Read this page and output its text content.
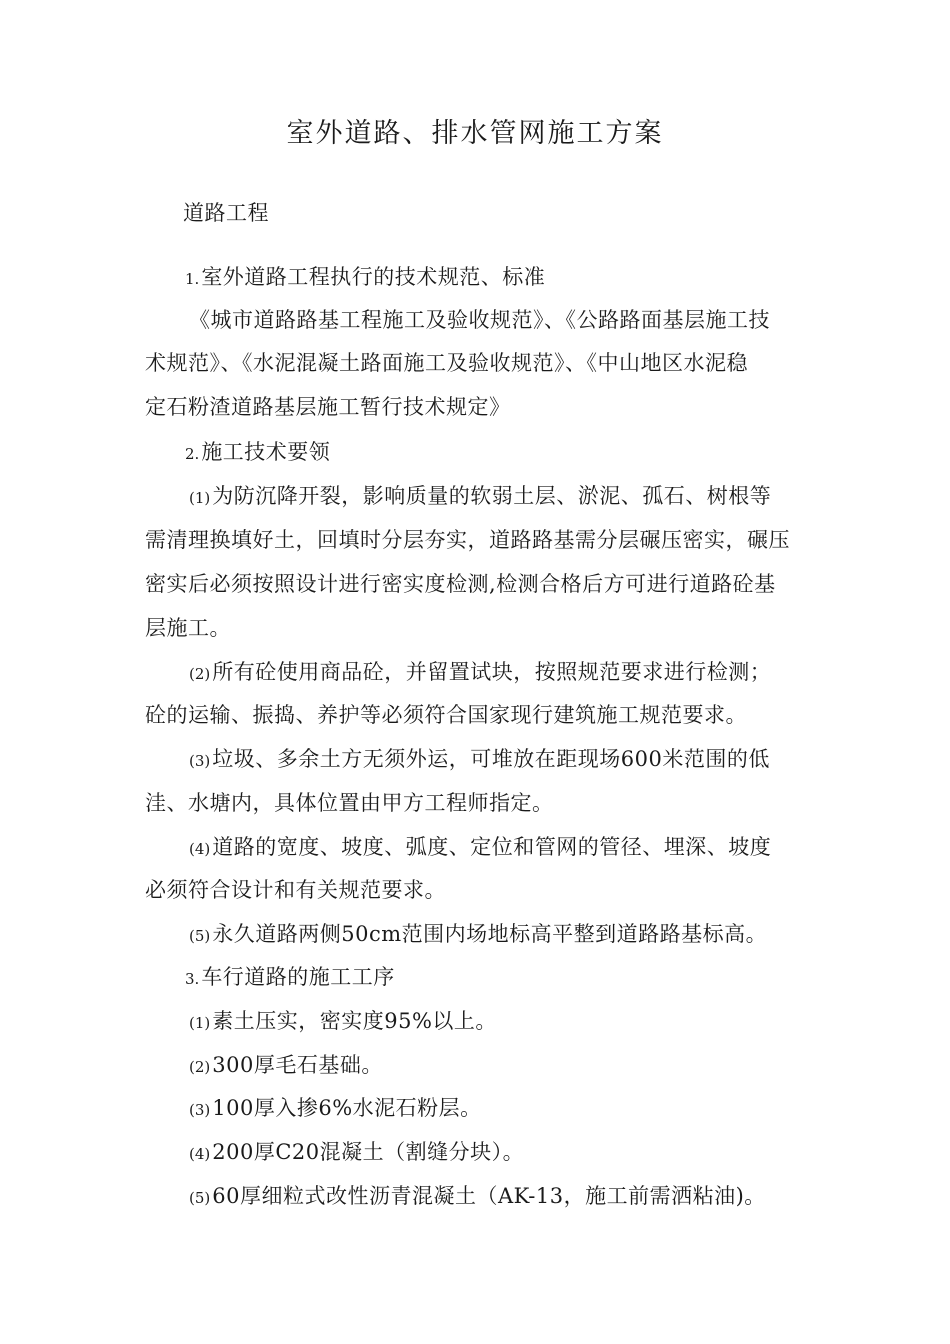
室外道路、排水管网施工方案
道路工程
1.室外道路工程执行的技术规范、标准
《城市道路路基工程施工及验收规范》、《公路路面基层施工技
术规范》、《水泥混凝土路面施工及验收规范》、《中山地区水泥稳
定石粉渣道路基层施工暂行技术规定》
2.施工技术要领
(1)为防沉降开裂，影响质量的软弱土层、淤泥、孤石、树根等
需清理换填好土，回填时分层夯实，道路路基需分层碾压密实，碾压
密实后必须按照设计进行密实度检测,检测合格后方可进行道路砼基
层施工。
(2)所有砼使用商品砼，并留置试块，按照规范要求进行检测；
砼的运输、振捣、养护等必须符合国家现行建筑施工规范要求。
(3)垃圾、多余土方无须外运，可堆放在距现场600米范围的低
洼、水塘内，具体位置由甲方工程师指定。
(4)道路的宽度、坡度、弧度、定位和管网的管径、埋深、坡度
必须符合设计和有关规范要求。
(5)永久道路两侧50cm范围内场地标高平整到道路路基标高。
3.车行道路的施工工序
(1)素土压实，密实度95%以上。
(2)300厚毛石基础。
(3)100厚入掺6%水泥石粉层。
(4)200厚C20混凝土（割缝分块）。
(5)60厚细粒式改性沥青混凝土（AK-13，施工前需洒粘油)。
